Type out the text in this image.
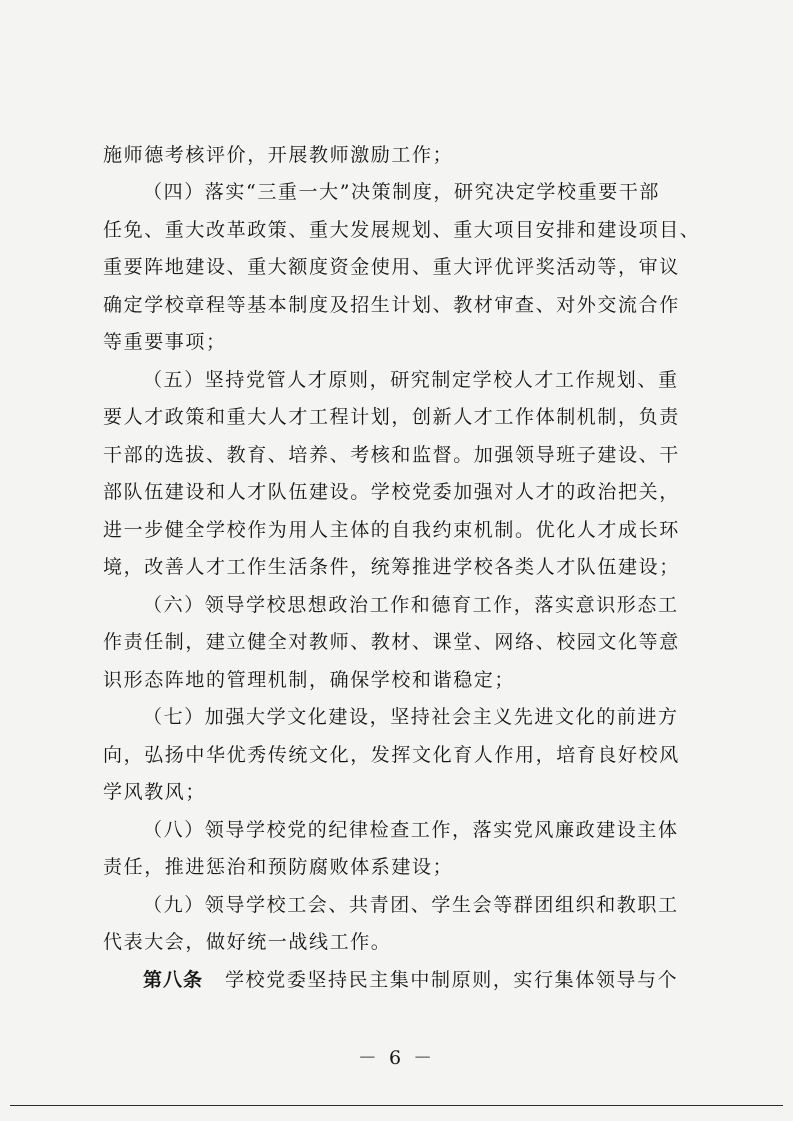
施师德考核评价，开展教师激励工作；
（四）落实“三重一大”决策制度，研究决定学校重要干部
任免、重大改革政策、重大发展规划、重大项目安排和建设项目、
重要阵地建设、重大额度资金使用、重大评优评奖活动等，审议
确定学校章程等基本制度及招生计划、教材审查、对外交流合作
等重要事项；
（五）坚持党管人才原则，研究制定学校人才工作规划、重
要人才政策和重大人才工程计划，创新人才工作体制机制，负责
干部的选拔、教育、培养、考核和监督。加强领导班子建设、干
部队伍建设和人才队伍建设。学校党委加强对人才的政治把关，
进一步健全学校作为用人主体的自我约束机制。优化人才成长环
境，改善人才工作生活条件，统筹推进学校各类人才队伍建设；
（六）领导学校思想政治工作和德育工作，落实意识形态工
作责任制，建立健全对教师、教材、课堂、网络、校园文化等意
识形态阵地的管理机制，确保学校和谐稳定；
（七）加强大学文化建设，坚持社会主义先进文化的前进方
向，弘扬中华优秀传统文化，发挥文化育人作用，培育良好校风
学风教风；
（八）领导学校党的纪律检查工作，落实党风廉政建设主体
责任，推进惩治和预防腐败体系建设；
（九）领导学校工会、共青团、学生会等群团组织和教职工
代表大会，做好统一战线工作。
第八条 学校党委坚持民主集中制原则，实行集体领导与个
－ 6 －
